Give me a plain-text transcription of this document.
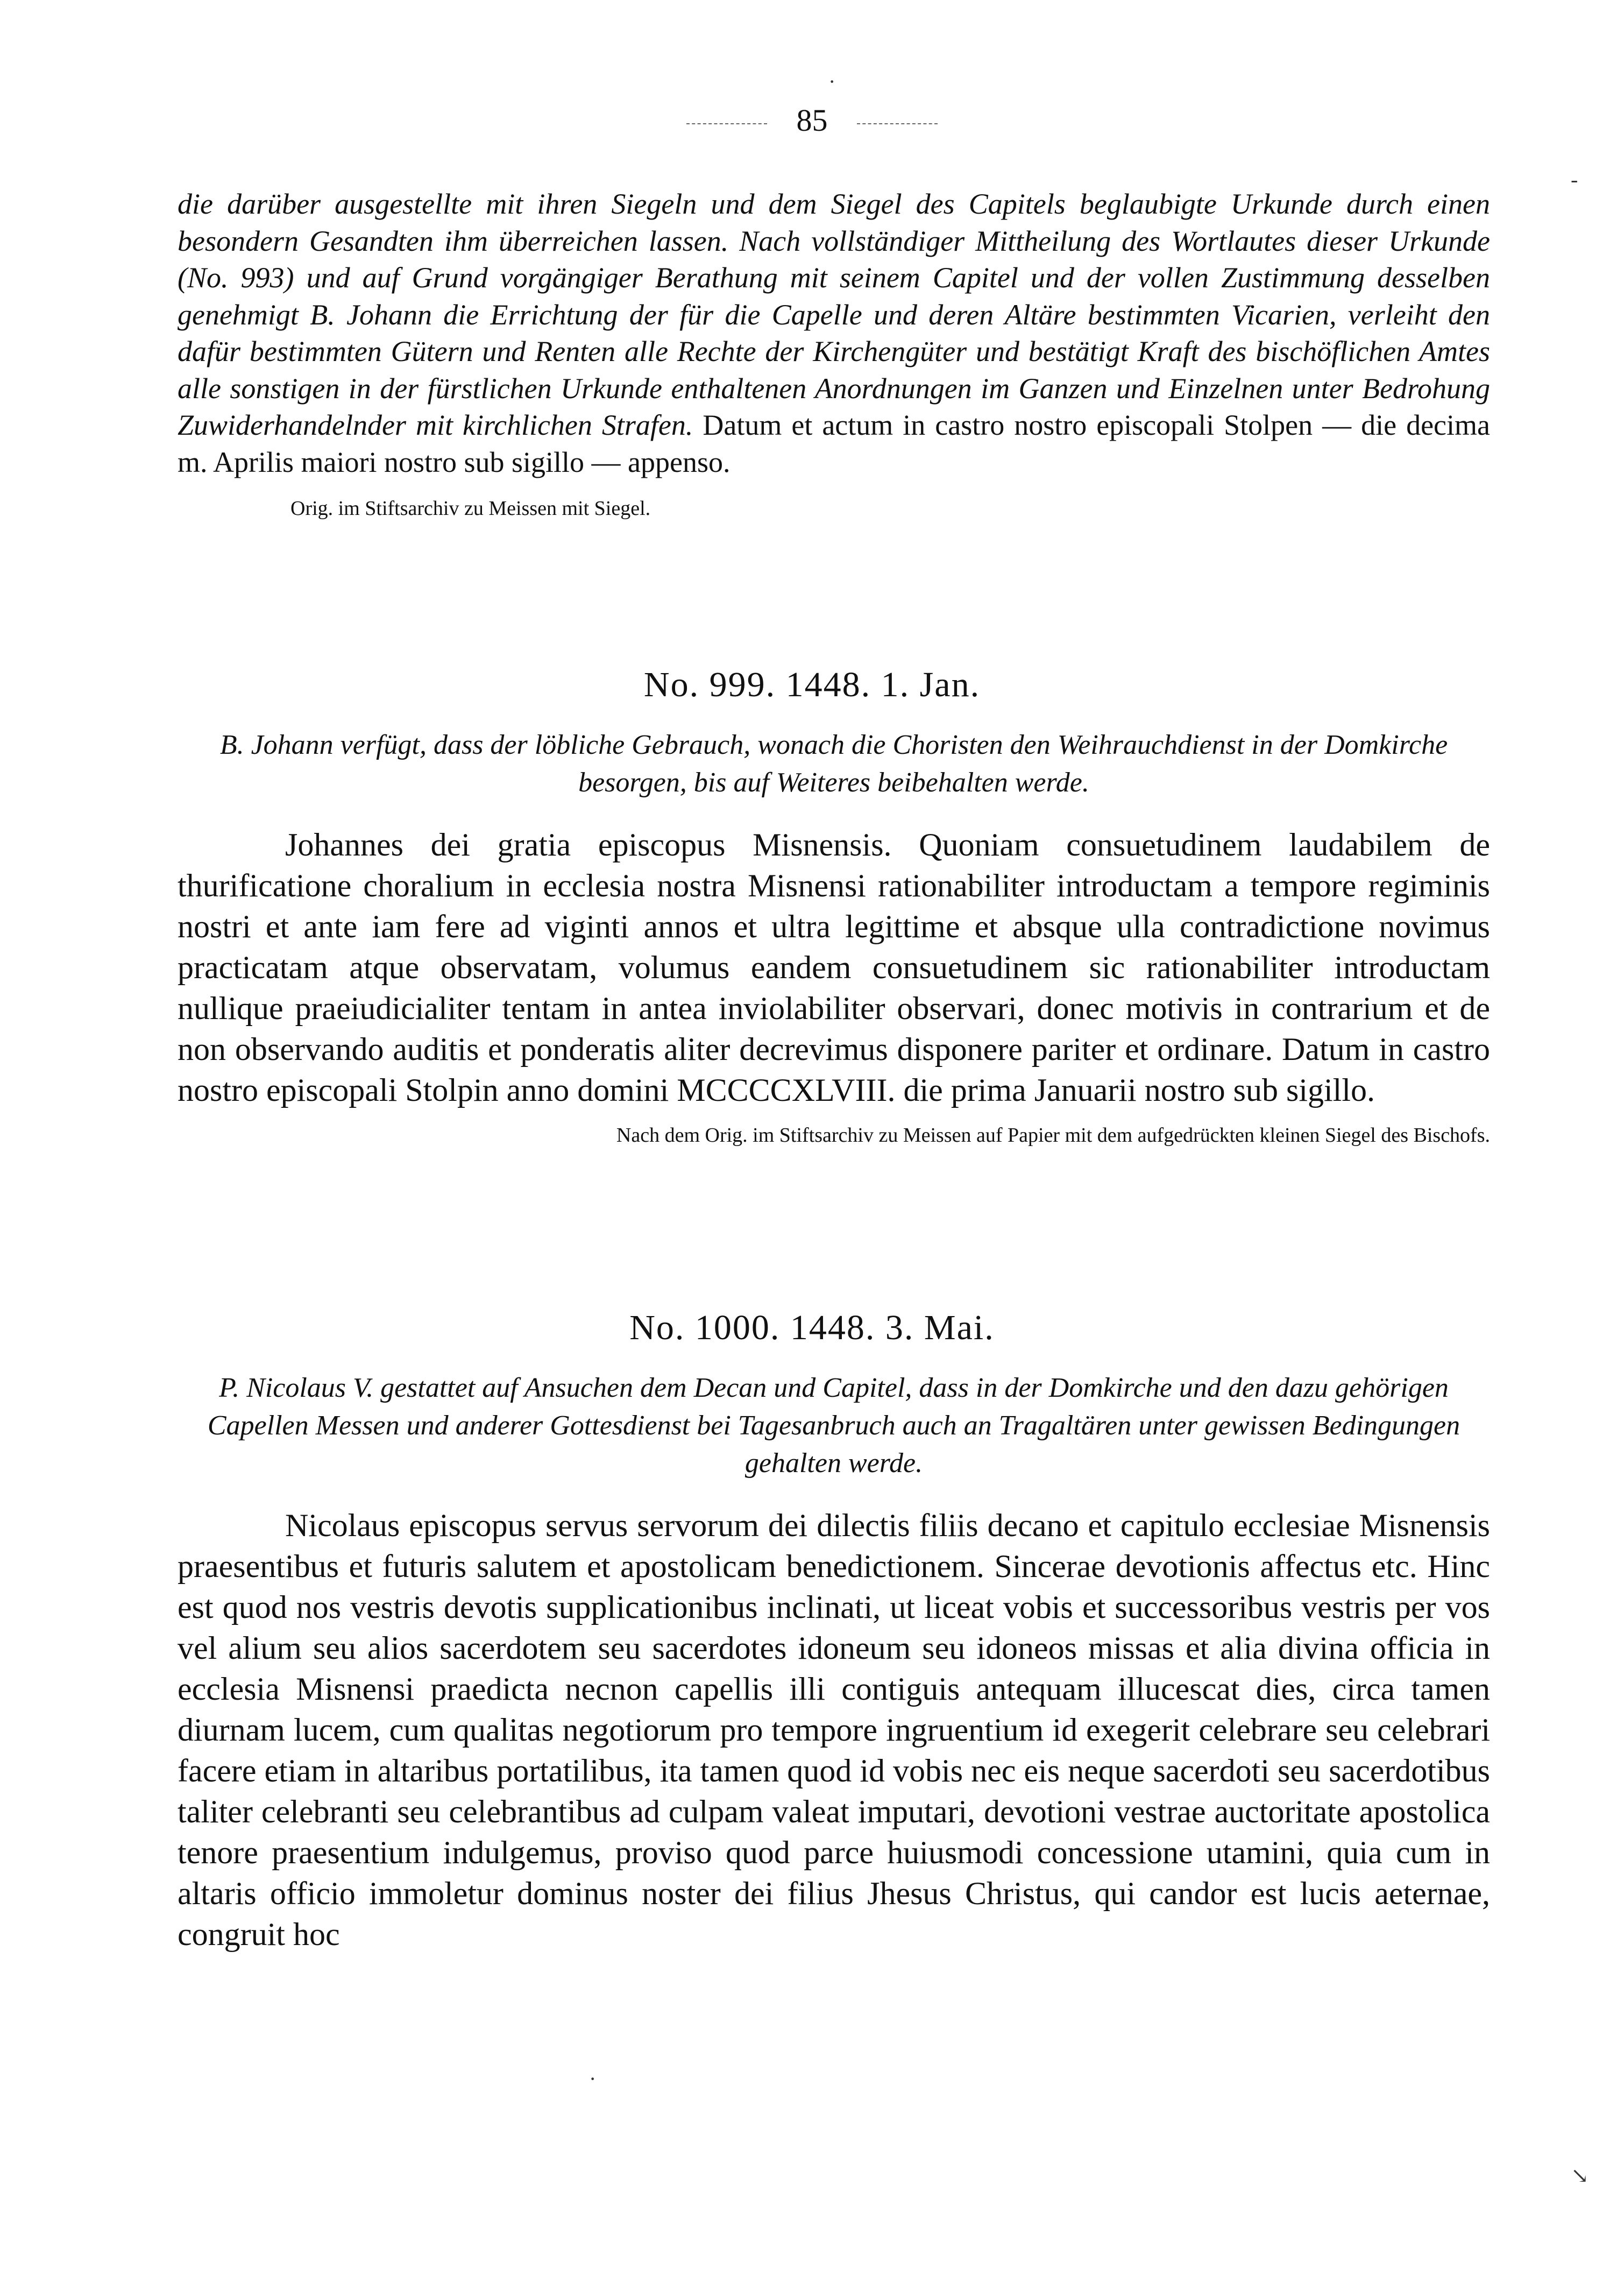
·
-
85

die darüber ausgestellte mit ihren Siegeln und dem Siegel des Capitels beglaubigte Urkunde durch einen besondern Gesandten ihm überreichen lassen. Nach vollständiger Mittheilung des Wortlautes dieser Urkunde (No. 993) und auf Grund vorgängiger Berathung mit seinem Capitel und der vollen Zustimmung desselben genehmigt B. Johann die Errichtung der für die Capelle und deren Altäre bestimmten Vicarien, verleiht den dafür bestimmten Gütern und Renten alle Rechte der Kirchengüter und bestätigt Kraft des bischöflichen Amtes alle sonstigen in der fürstlichen Urkunde enthaltenen Anordnungen im Ganzen und Einzelnen unter Bedrohung Zuwiderhandelnder mit kirchlichen Strafen. Datum et actum in castro nostro episcopali Stolpen — die decima m. Aprilis maiori nostro sub sigillo — appenso.

Orig. im Stiftsarchiv zu Meissen mit Siegel.

No. 999. 1448. 1. Jan.

B. Johann verfügt, dass der löbliche Gebrauch, wonach die Choristen den Weihrauchdienst in der Domkirche besorgen, bis auf Weiteres beibehalten werde.

Johannes dei gratia episcopus Misnensis. Quoniam consuetudinem laudabilem de thurificatione choralium in ecclesia nostra Misnensi rationabiliter introductam a tempore regiminis nostri et ante iam fere ad viginti annos et ultra legittime et absque ulla contradictione novimus practicatam atque observatam, volumus eandem consuetudinem sic rationabiliter introductam nullique praeiudicialiter tentam in antea inviolabiliter observari, donec motivis in contrarium et de non observando auditis et ponderatis aliter decrevimus disponere pariter et ordinare. Datum in castro nostro episcopali Stolpin anno domini MCCCCXLVIII. die prima Januarii nostro sub sigillo.

Nach dem Orig. im Stiftsarchiv zu Meissen auf Papier mit dem aufgedrückten kleinen Siegel des Bischofs.

No. 1000. 1448. 3. Mai.

P. Nicolaus V. gestattet auf Ansuchen dem Decan und Capitel, dass in der Domkirche und den dazu gehörigen Capellen Messen und anderer Gottesdienst bei Tagesanbruch auch an Tragaltären unter gewissen Bedingungen gehalten werde.

Nicolaus episcopus servus servorum dei dilectis filiis decano et capitulo ecclesiae Misnensis praesentibus et futuris salutem et apostolicam benedictionem. Sincerae devotionis affectus etc. Hinc est quod nos vestris devotis supplicationibus inclinati, ut liceat vobis et successoribus vestris per vos vel alium seu alios sacerdotem seu sacerdotes idoneum seu idoneos missas et alia divina officia in ecclesia Misnensi praedicta necnon capellis illi contiguis antequam illucescat dies, circa tamen diurnam lucem, cum qualitas negotiorum pro tempore ingruentium id exegerit celebrare seu celebrari facere etiam in altaribus portatilibus, ita tamen quod id vobis nec eis neque sacerdoti seu sacerdotibus taliter celebranti seu celebrantibus ad culpam valeat imputari, devotioni vestrae auctoritate apostolica tenore praesentium indulgemus, proviso quod parce huiusmodi concessione utamini, quia cum in altaris officio immoletur dominus noster dei filius Jhesus Christus, qui candor est lucis aeternae, congruit hoc

·
↘
